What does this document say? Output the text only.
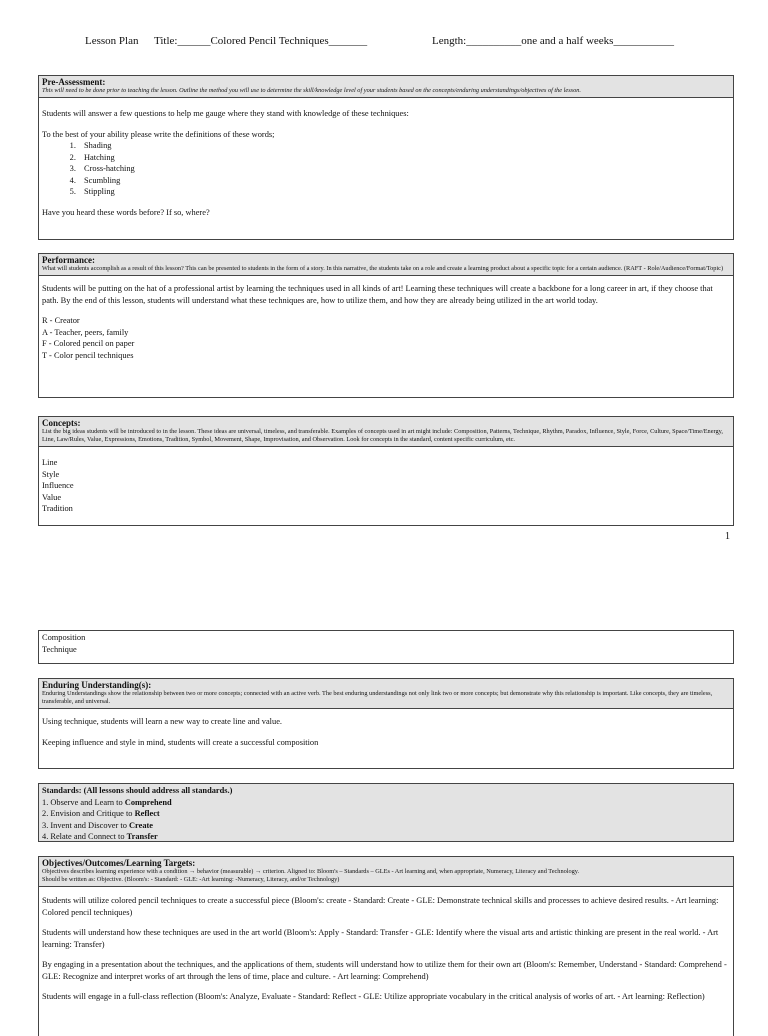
Lesson Plan Title:______Colored Pencil Techniques_______	Length:__________one and a half weeks___________
Pre-Assessment:
This will need to be done prior to teaching the lesson. Outline the method you will use to determine the skill/knowledge level of your students based on the concepts/enduring understandings/objectives of the lesson.

Students will answer a few questions to help me gauge where they stand with knowledge of these techniques:

To the best of your ability please write the definitions of these words;
1. Shading
2. Hatching
3. Cross-hatching
4. Scumbling
5. Stippling

Have you heard these words before? If so, where?

Performance:
What will students accomplish as a result of this lesson? This can be presented to students in the form of a story. In this narrative, the students take on a role and create a learning product about a specific topic for a certain audience. (RAFT - Role/Audience/Format/Topic)

Students will be putting on the hat of a professional artist by learning the techniques used in all kinds of art! Learning these techniques will create a backbone for a long career in art, if they choose that path. By the end of this lesson, students will understand what these techniques are, how to utilize them, and how they are already being utilized in the art world today.

R - Creator
A - Teacher, peers, family
F - Colored pencil on paper
T - Color pencil techniques
Concepts:
List the big ideas students will be introduced to in the lesson. These ideas are universal, timeless, and transferable. Examples of concepts used in art might include: Composition, Patterns, Technique, Rhythm, Paradox, Influence, Style, Force, Culture, Space/Time/Energy, Line, Law/Rules, Value, Expressions, Emotions, Tradition, Symbol, Movement, Shape, Improvisation, and Observation. Look for concepts in the standard, content specific curriculum, etc.
Line
Style
Influence
Value
Tradition
1
Composition
Technique
Enduring Understanding(s):
Enduring Understandings show the relationship between two or more concepts; connected with an active verb. The best enduring understandings not only link two or more concepts; but demonstrate why this relationship is important. Like concepts, they are timeless, transferable, and universal.

Using technique, students will learn a new way to create line and value.

Keeping influence and style in mind, students will create a successful composition

Standards: (All lessons should address all standards.)
1. Observe and Learn to Comprehend
2. Envision and Critique to Reflect
3. Invent and Discover to Create
4. Relate and Connect to Transfer
Objectives/Outcomes/Learning Targets:
Objectives describes learning experience with a condition → behavior (measurable) → criterion. Aligned to: Bloom's – Standards – GLEs - Art learning and, when appropriate, Numeracy, Literacy and Technology.
Should be written as: Objective. (Bloom's: - Standard: - GLE: -Art learning: -Numeracy, Literacy, and/or Technology)

Students will utilize colored pencil techniques to create a successful piece (Bloom's: create - Standard: Create - GLE: Demonstrate technical skills and processes to achieve desired results. - Art learning: Colored pencil techniques)

Students will understand how these techniques are used in the art world (Bloom's: Apply - Standard: Transfer - GLE: Identify where the visual arts and artistic thinking are present in the real world. - Art learning: Transfer)

By engaging in a presentation about the techniques, and the applications of them, students will understand how to utilize them for their own art (Bloom's: Remember, Understand - Standard: Comprehend - GLE: Recognize and interpret works of art through the lens of time, place and culture. - Art learning: Comprehend)

Students will engage in a full-class reflection (Bloom's: Analyze, Evaluate - Standard: Reflect - GLE: Utilize appropriate vocabulary in the critical analysis of works of art. - Art learning: Reflection)
